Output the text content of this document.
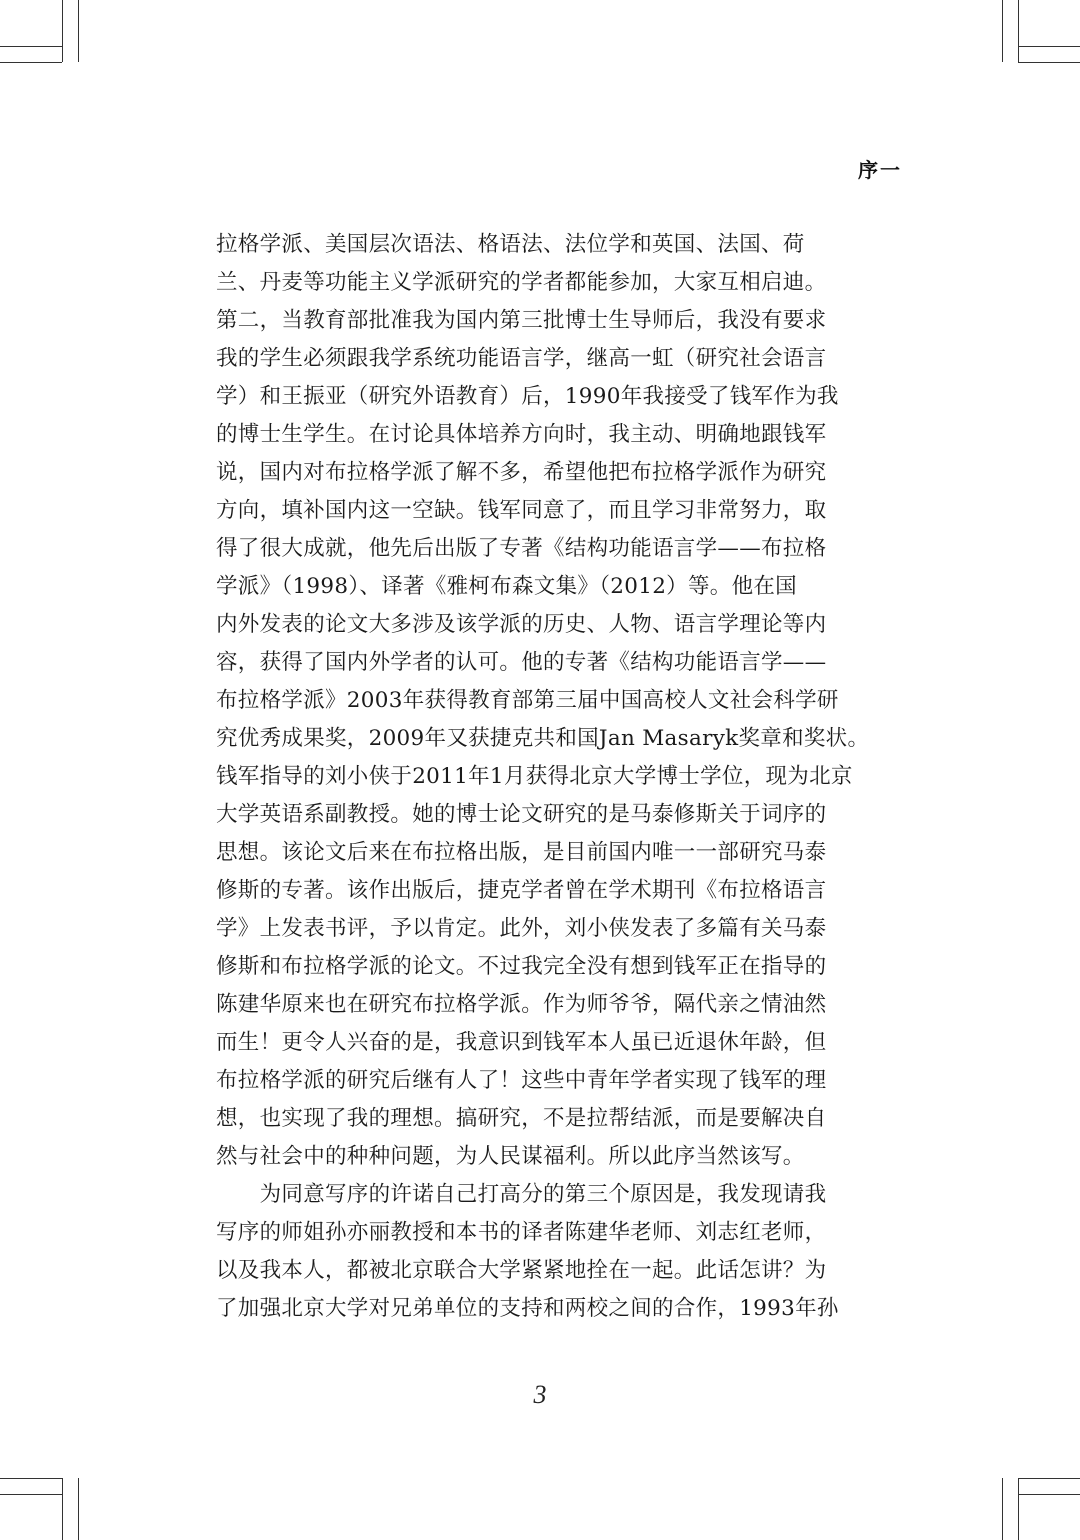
序一
拉格学派、美国层次语法、格语法、法位学和英国、法国、荷
兰、丹麦等功能主义学派研究的学者都能参加，大家互相启迪。
第二，当教育部批准我为国内第三批博士生导师后，我没有要求
我的学生必须跟我学系统功能语言学，继高一虹（研究社会语言
学）和王振亚（研究外语教育）后，1990年我接受了钱军作为我
的博士生学生。在讨论具体培养方向时，我主动、明确地跟钱军
说，国内对布拉格学派了解不多，希望他把布拉格学派作为研究
方向，填补国内这一空缺。钱军同意了，而且学习非常努力，取
得了很大成就，他先后出版了专著《结构功能语言学——布拉格
学派》（1998）、译著《雅柯布森文集》（2012）等。他在国
内外发表的论文大多涉及该学派的历史、人物、语言学理论等内
容，获得了国内外学者的认可。他的专著《结构功能语言学——
布拉格学派》2003年获得教育部第三届中国高校人文社会科学研
究优秀成果奖，2009年又获捷克共和国Jan Masaryk奖章和奖状。
钱军指导的刘小侠于2011年1月获得北京大学博士学位，现为北京
大学英语系副教授。她的博士论文研究的是马泰修斯关于词序的
思想。该论文后来在布拉格出版，是目前国内唯一一部研究马泰
修斯的专著。该作出版后，捷克学者曾在学术期刊《布拉格语言
学》上发表书评，予以肯定。此外，刘小侠发表了多篇有关马泰
修斯和布拉格学派的论文。不过我完全没有想到钱军正在指导的
陈建华原来也在研究布拉格学派。作为师爷爷，隔代亲之情油然
而生！更令人兴奋的是，我意识到钱军本人虽已近退休年龄，但
布拉格学派的研究后继有人了！这些中青年学者实现了钱军的理
想，也实现了我的理想。搞研究，不是拉帮结派，而是要解决自
然与社会中的种种问题，为人民谋福利。所以此序当然该写。
　　为同意写序的许诺自己打高分的第三个原因是，我发现请我
写序的师姐孙亦丽教授和本书的译者陈建华老师、刘志红老师，
以及我本人，都被北京联合大学紧紧地拴在一起。此话怎讲？为
了加强北京大学对兄弟单位的支持和两校之间的合作，1993年孙
3
